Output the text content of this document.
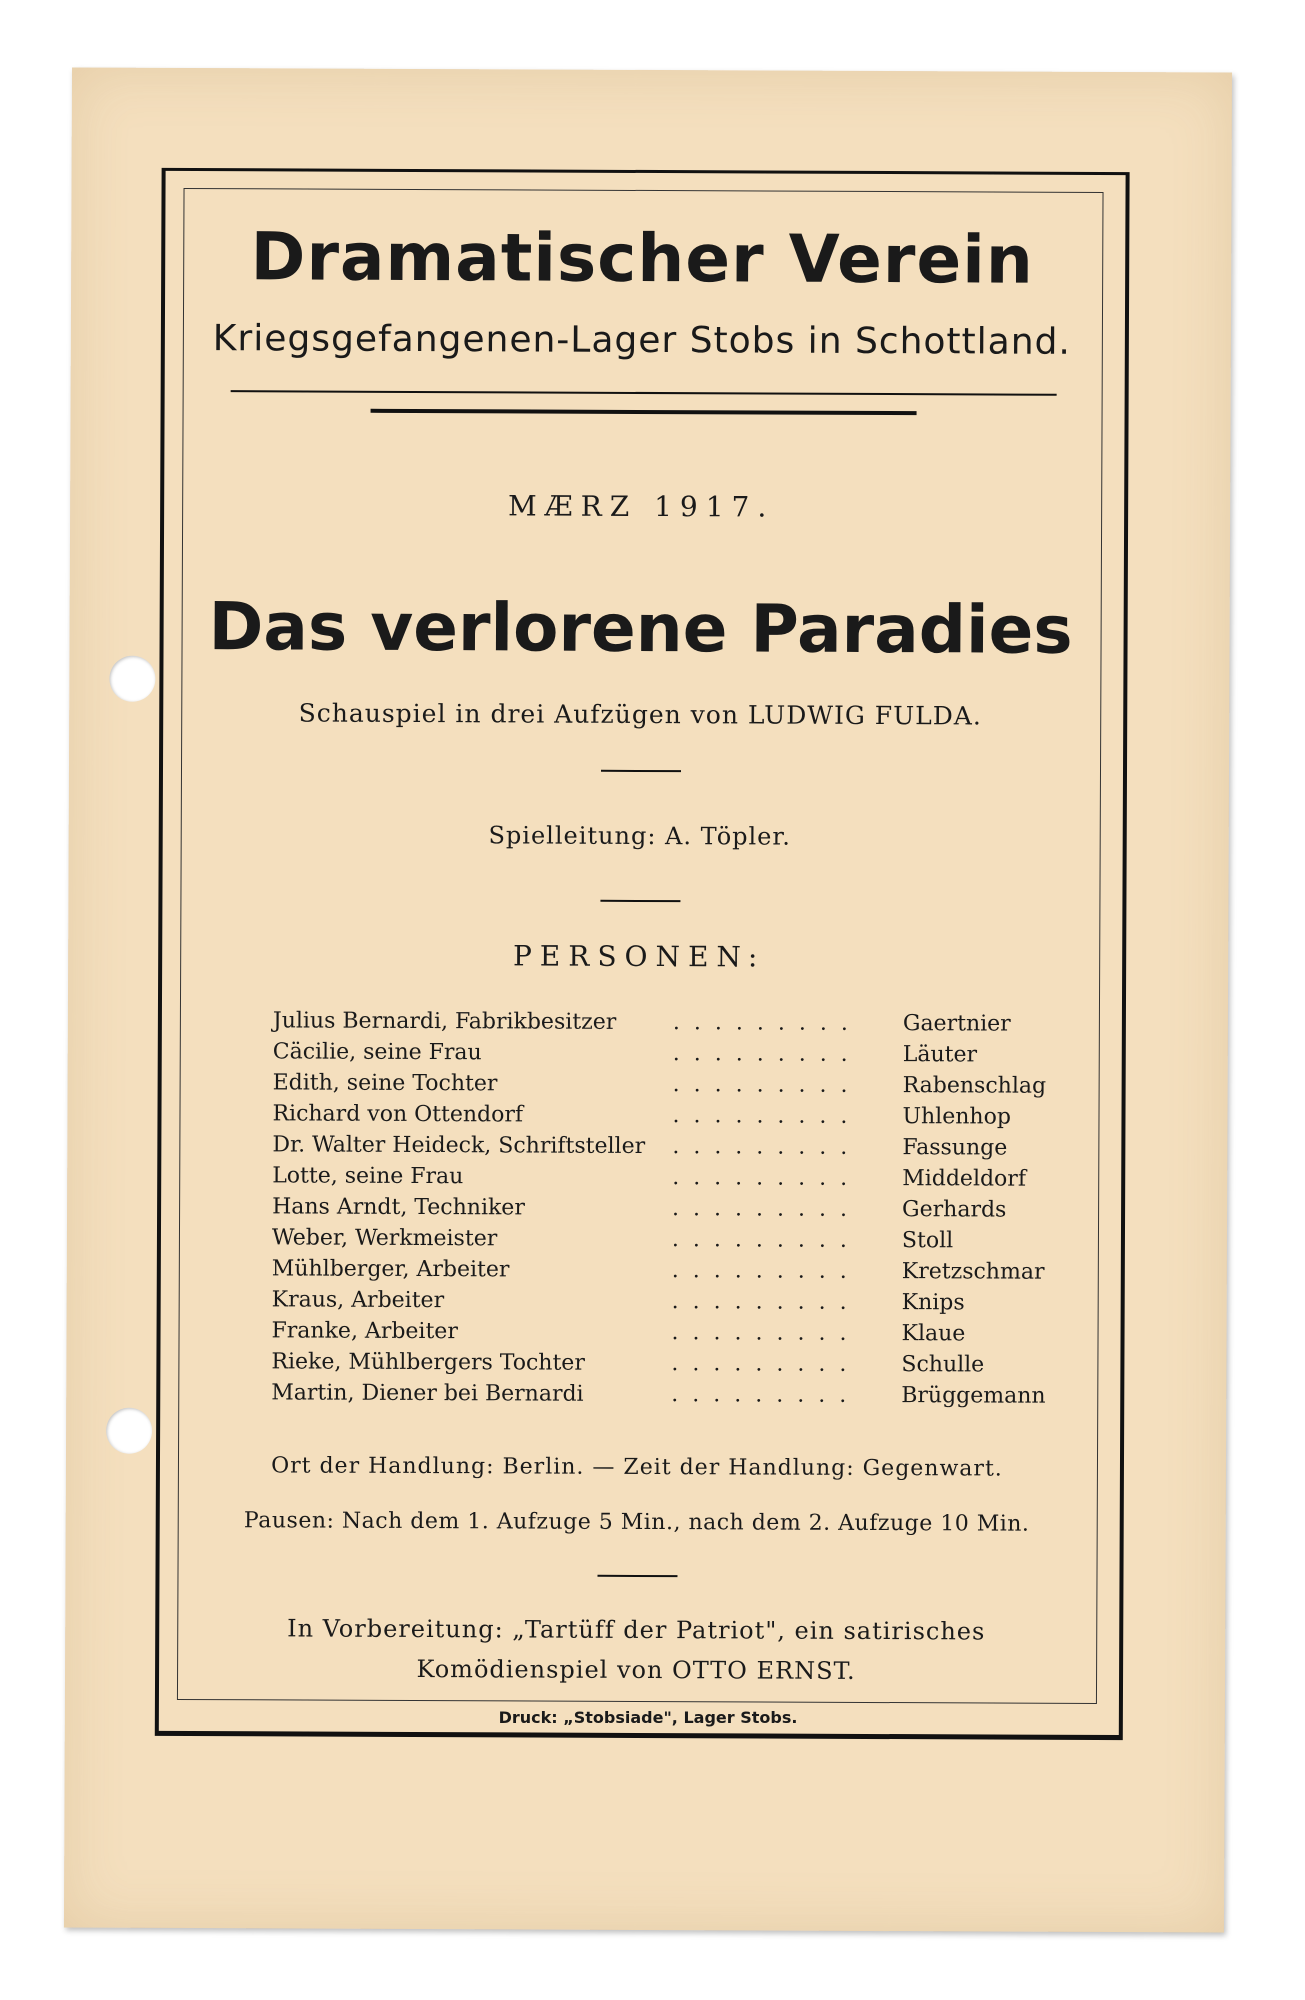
Dramatischer Verein
Kriegsgefangenen-Lager Stobs in Schottland.
MÆRZ 1917.
Das verlorene Paradies
Schauspiel in drei Aufzügen von LUDWIG FULDA.
Spielleitung: A. Töpler.
PERSONEN:
Julius Bernardi, Fabrikbesitzer	.........	Gaertnier
Cäcilie, seine Frau	.........	Läuter
Edith, seine Tochter	.........	Rabenschlag
Richard von Ottendorf	.........	Uhlenhop
Dr. Walter Heideck, Schriftsteller	.........	Fassunge
Lotte, seine Frau	.........	Middeldorf
Hans Arndt, Techniker	.........	Gerhards
Weber, Werkmeister	.........	Stoll
Mühlberger, Arbeiter	.........	Kretzschmar
Kraus, Arbeiter	.........	Knips
Franke, Arbeiter	.........	Klaue
Rieke, Mühlbergers Tochter	.........	Schulle
Martin, Diener bei Bernardi	.........	Brüggemann
Ort der Handlung: Berlin. — Zeit der Handlung: Gegenwart.
Pausen: Nach dem 1. Aufzuge 5 Min., nach dem 2. Aufzuge 10 Min.
In Vorbereitung: „Tartüff der Patriot", ein satirisches
Komödienspiel von OTTO ERNST.
Druck: „Stobsiade", Lager Stobs.
